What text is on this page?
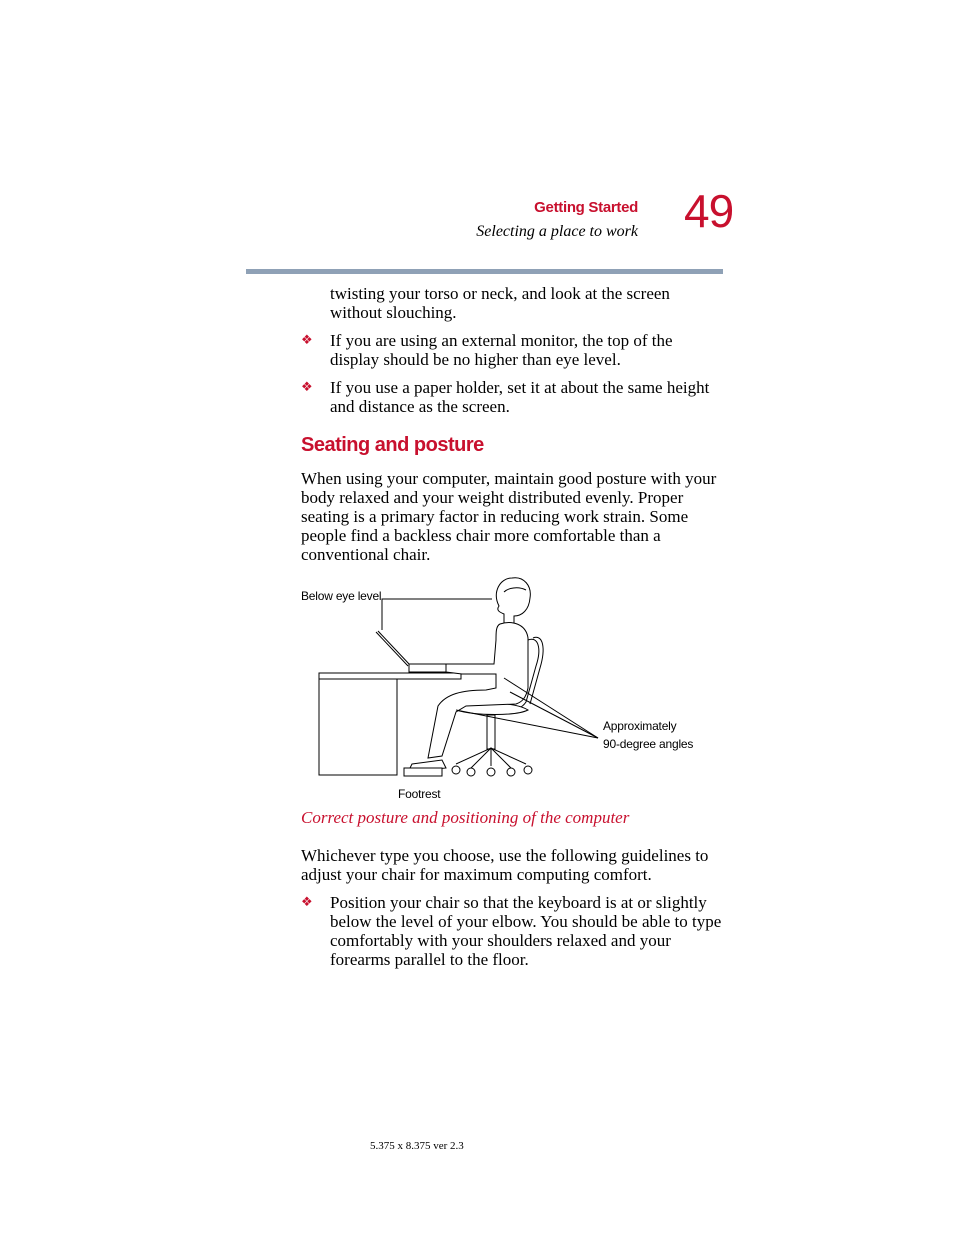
Getting Started
Selecting a place to work 49

twisting your torso or neck, and look at the screen without slouching.

❖ If you are using an external monitor, the top of the display should be no higher than eye level.
❖ If you use a paper holder, set it at about the same height and distance as the screen.
Seating and posture

When using your computer, maintain good posture with your body relaxed and your weight distributed evenly. Proper seating is a primary factor in reducing work strain. Some people find a backless chair more comfortable than a conventional chair.

Below eye level
Approximately
90-degree angles
Footrest
Correct posture and positioning of the computer

Whichever type you choose, use the following guidelines to adjust your chair for maximum computing comfort.

❖ Position your chair so that the keyboard is at or slightly below the level of your elbow. You should be able to type comfortably with your shoulders relaxed and your forearms parallel to the floor.
5.375 x 8.375 ver 2.3
